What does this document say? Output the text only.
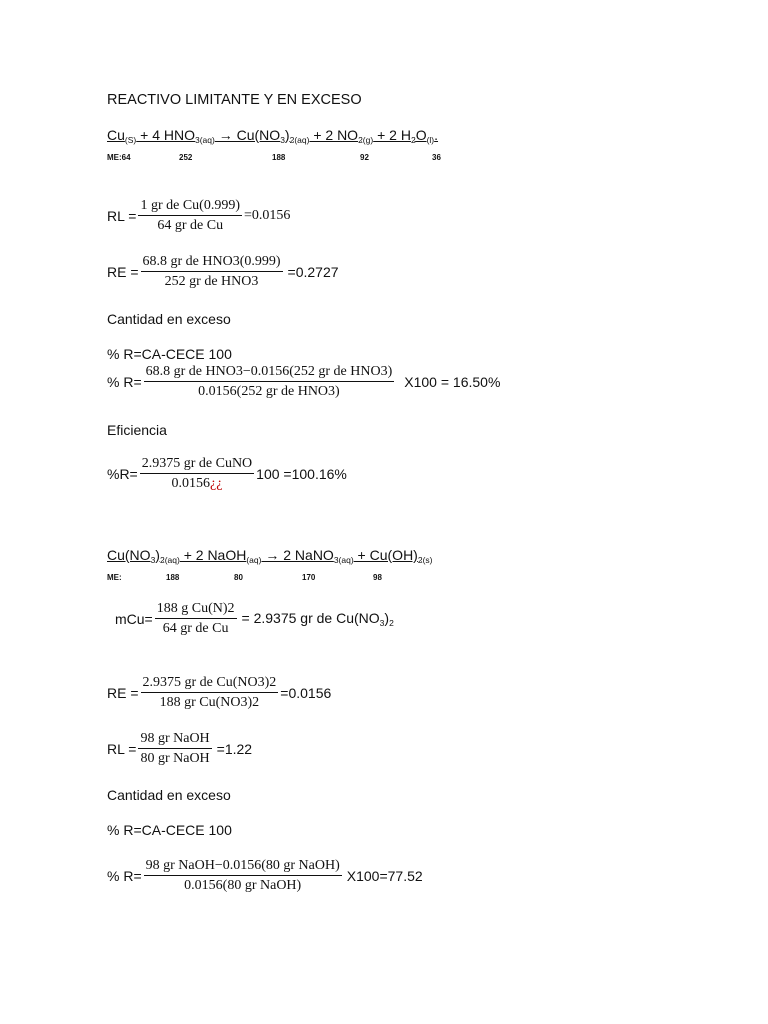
REACTIVO LIMITANTE Y EN EXCESO
$Cu_{(S)} + 4$ $HNO_{3(aq)} \to Cu(NO_3)_{2(aq)} + 2$ $NO_{2(g)} + 2$ $H_2O_{(l)}$.
ME:64	252	188	92	36
RL = $\frac{\text{1 gr de Cu(0.999)}}{\text{64 gr de Cu}} =0.0156$
RE = $\frac{\text{68.8 gr de HNO3(0.999)}}{\text{252 gr de HNO3}} =0.2727$
Cantidad en exceso
% R=CA-CECE 100
% $R= \frac{\text{68.8 gr de HNO3−0.0156(252 gr de HNO3)}}{\text{0.0156(252 gr de HNO3)}} X100 = 16.50\%$
Eficiencia
$\%R= \frac{\text{2.9375 gr de CuNO}}{0.0156¿¿} 100 =100.16\%$
$Cu(NO_3)_{2(aq)} + 2$ NaOH$_{(aq)}$ → 2 NaNO$_{3(aq)}$ + $Cu(OH)_{2(s)}$
ME:	188	80	170	98
$mCu= \frac{\text{188 g Cu(N)2}}{\text{64 gr de Cu}} = 2.9375$ gr de $Cu(NO_3)_2$
RE = $\frac{\text{2.9375 gr de Cu(NO3)2}}{\text{188 gr Cu(NO3)2}} =0.0156$
RL = $\frac{\text{98 gr NaOH}}{\text{80 gr NaOH}} =1.22$
Cantidad en exceso
% R=CA-CECE 100
% $R= \frac{\text{98 gr NaOH−0.0156(80 gr NaOH)}}{\text{0.0156(80 gr NaOH)}} X100=77.52$
